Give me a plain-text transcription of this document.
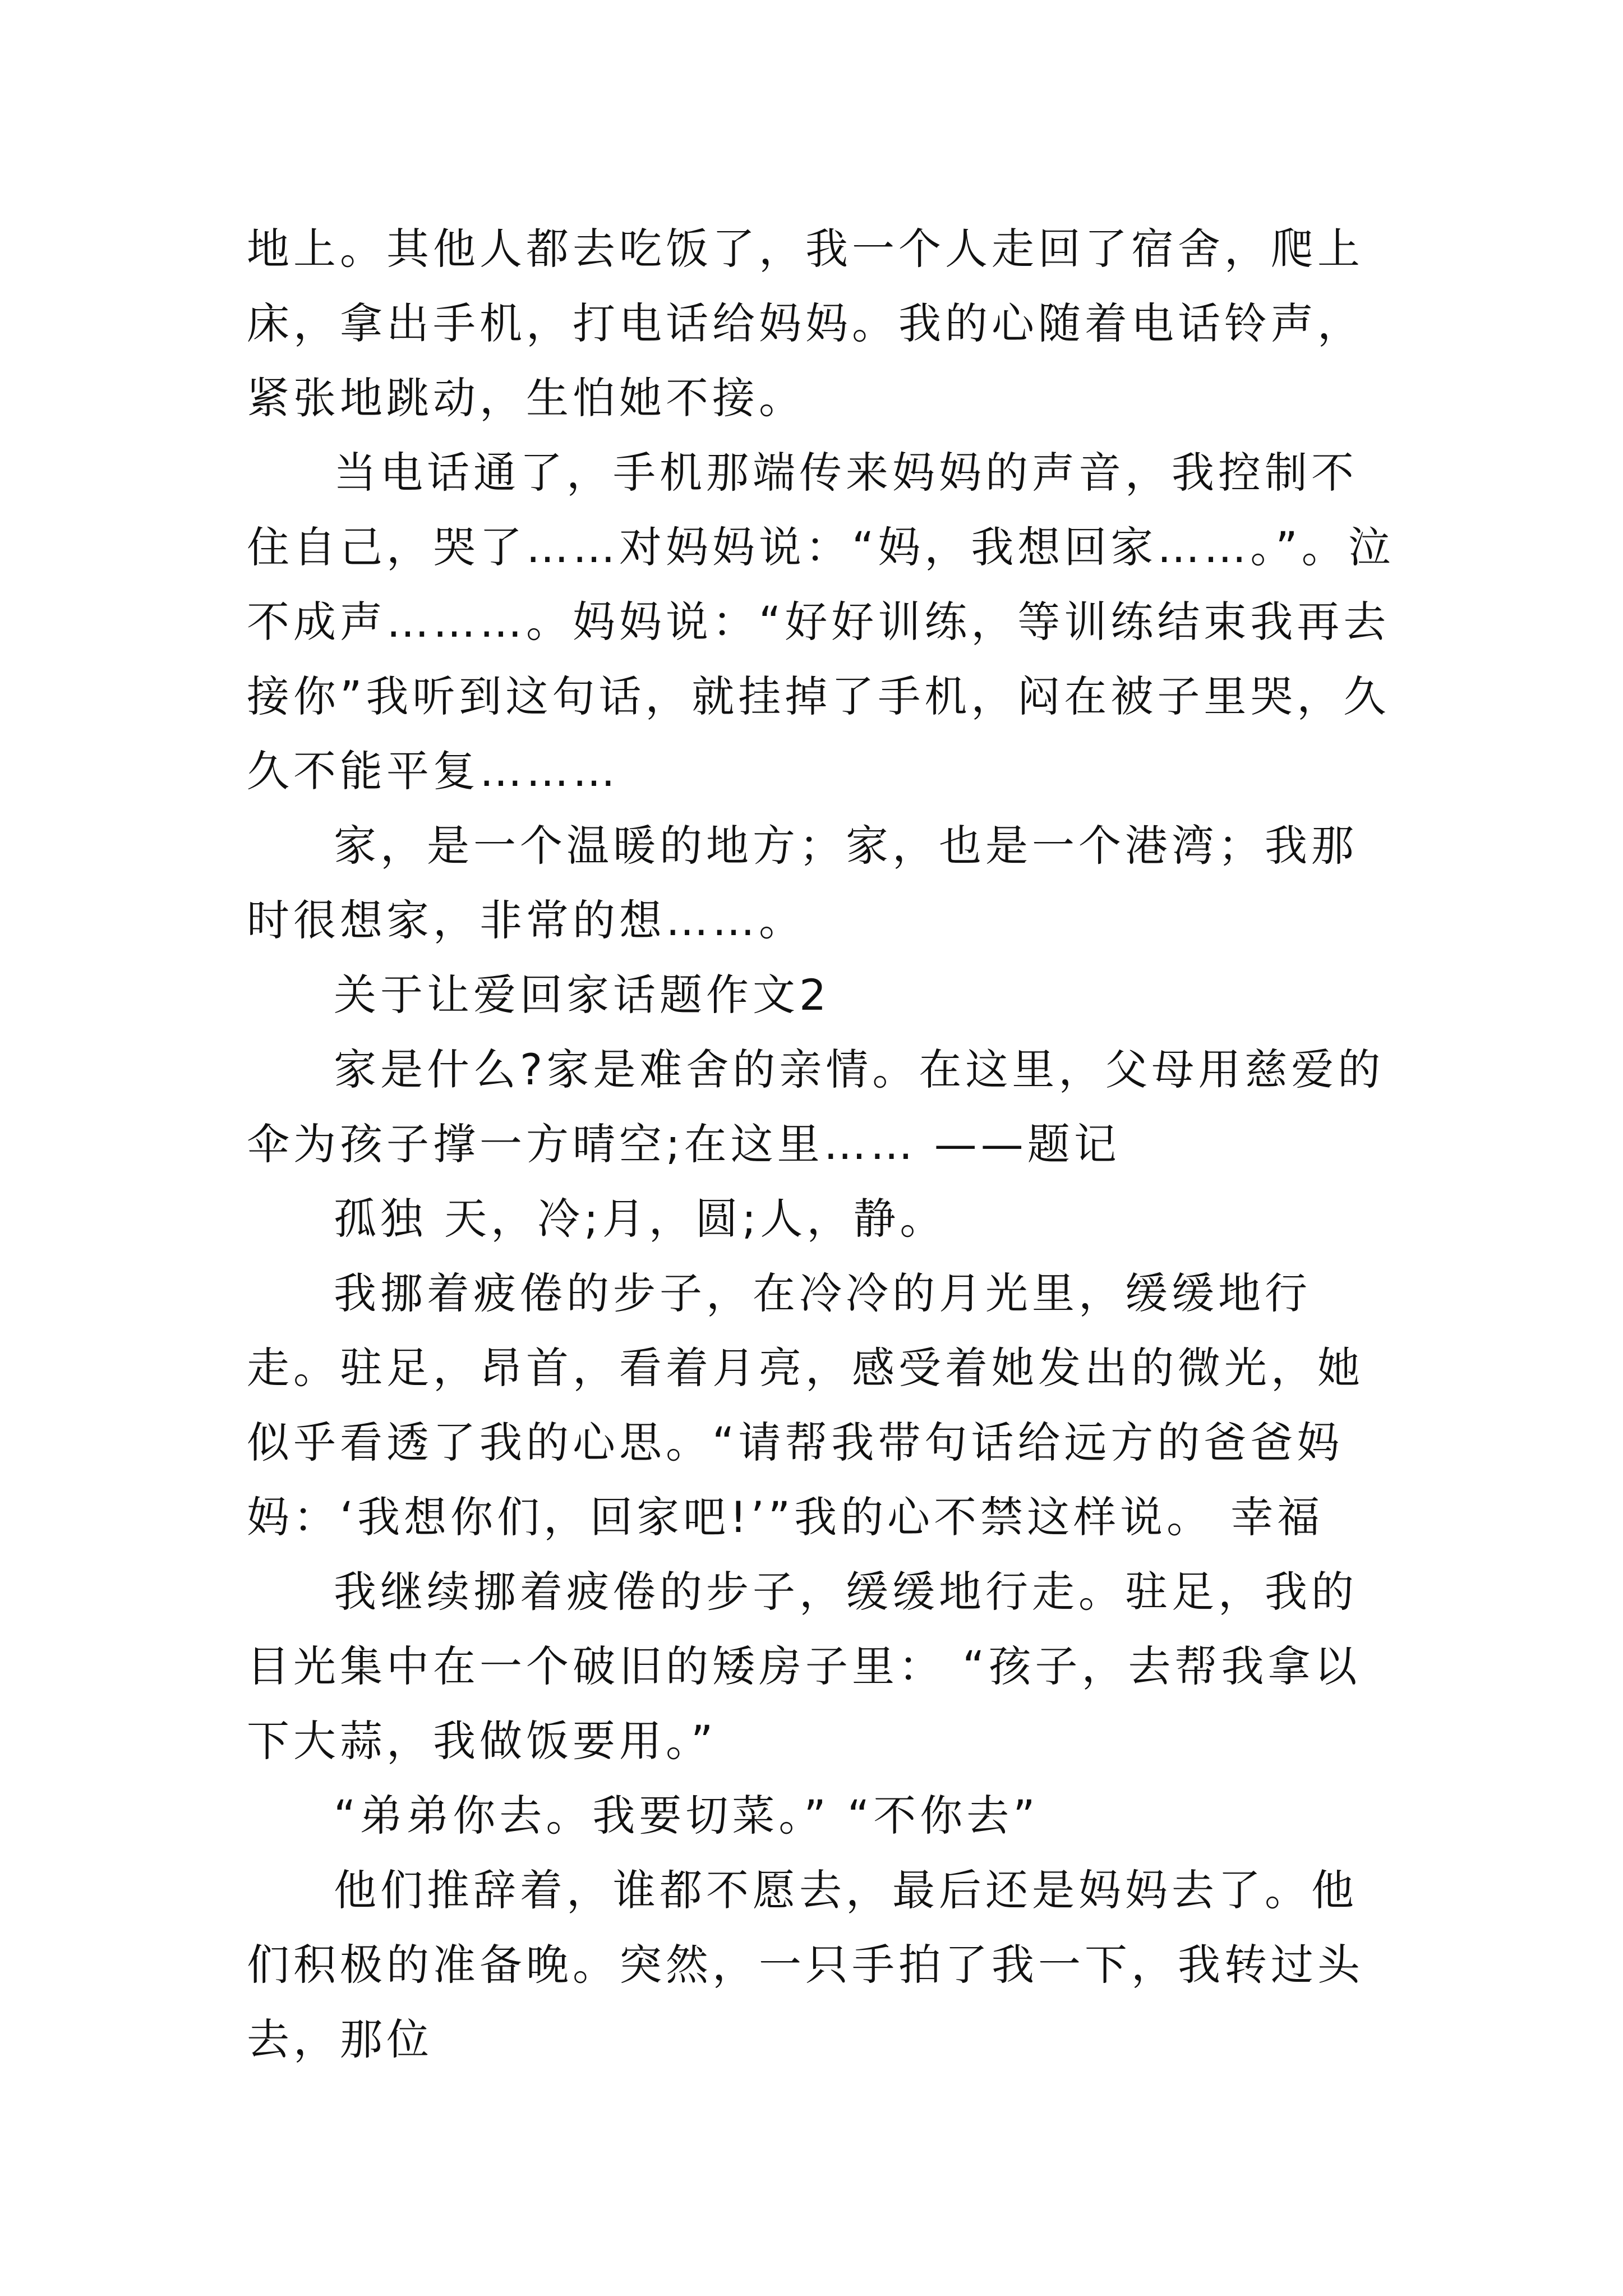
地上。其他人都去吃饭了，我一个人走回了宿舍，爬上床，拿出手机，打电话给妈妈。我的心随着电话铃声，紧张地跳动，生怕她不接。

当电话通了，手机那端传来妈妈的声音，我控制不住自己，哭了……对妈妈说：“妈，我想回家……。”。泣不成声………。妈妈说：“好好训练，等训练结束我再去接你”我听到这句话，就挂掉了手机，闷在被子里哭，久久不能平复………

家，是一个温暖的地方；家，也是一个港湾；我那时很想家，非常的想……。

关于让爱回家话题作文2

家是什么?家是难舍的亲情。在这里，父母用慈爱的伞为孩子撑一方晴空;在这里…… ——题记

孤独 天，冷;月，圆;人，静。

我挪着疲倦的步子，在冷冷的月光里，缓缓地行走。驻足，昂首，看着月亮，感受着她发出的微光，她似乎看透了我的心思。“请帮我带句话给远方的爸爸妈妈：‘我想你们，回家吧!’”我的心不禁这样说。 幸福

我继续挪着疲倦的步子，缓缓地行走。驻足，我的目光集中在一个破旧的矮房子里： “孩子，去帮我拿以下大蒜，我做饭要用。”

“弟弟你去。我要切菜。” “不你去”

他们推辞着，谁都不愿去，最后还是妈妈去了。他们积极的准备晚。突然，一只手拍了我一下，我转过头去，那位
